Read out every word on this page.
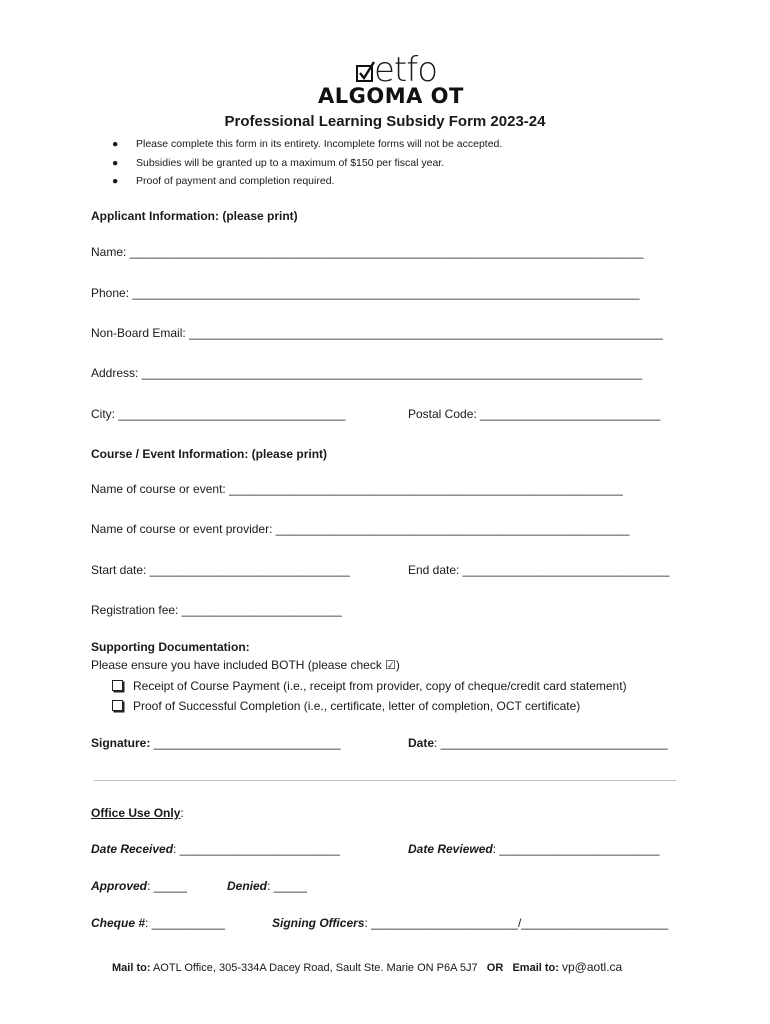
etfo
ALGOMA OT
Professional Learning Subsidy Form 2023-24
● Please complete this form in its entirety. Incomplete forms will not be accepted.
● Subsidies will be granted up to a maximum of $150 per fiscal year.
● Proof of payment and completion required.
Applicant Information: (please print)
Name: _____________________________________________________________________________
Phone: ____________________________________________________________________________
Non-Board Email: _______________________________________________________________________
Address: ___________________________________________________________________________
City: __________________________________	Postal Code: ___________________________
Course / Event Information: (please print)
Name of course or event: ___________________________________________________________
Name of course or event provider: _____________________________________________________
Start date: ______________________________	End date: _______________________________
Registration fee: ________________________
Supporting Documentation:
Please ensure you have included BOTH (please check ☑)
Receipt of Course Payment (i.e., receipt from provider, copy of cheque/credit card statement)
Proof of Successful Completion (i.e., certificate, letter of completion, OCT certificate)
Signature: ____________________________	Date: __________________________________
Office Use Only:
Date Received: ________________________	Date Reviewed: ________________________
Approved: _____	Denied: _____
Cheque #: ___________	Signing Officers: ______________________/______________________
Mail to: AOTL Office, 305-334A Dacey Road, Sault Ste. Marie ON P6A 5J7 OR Email to: vp@aotl.ca
